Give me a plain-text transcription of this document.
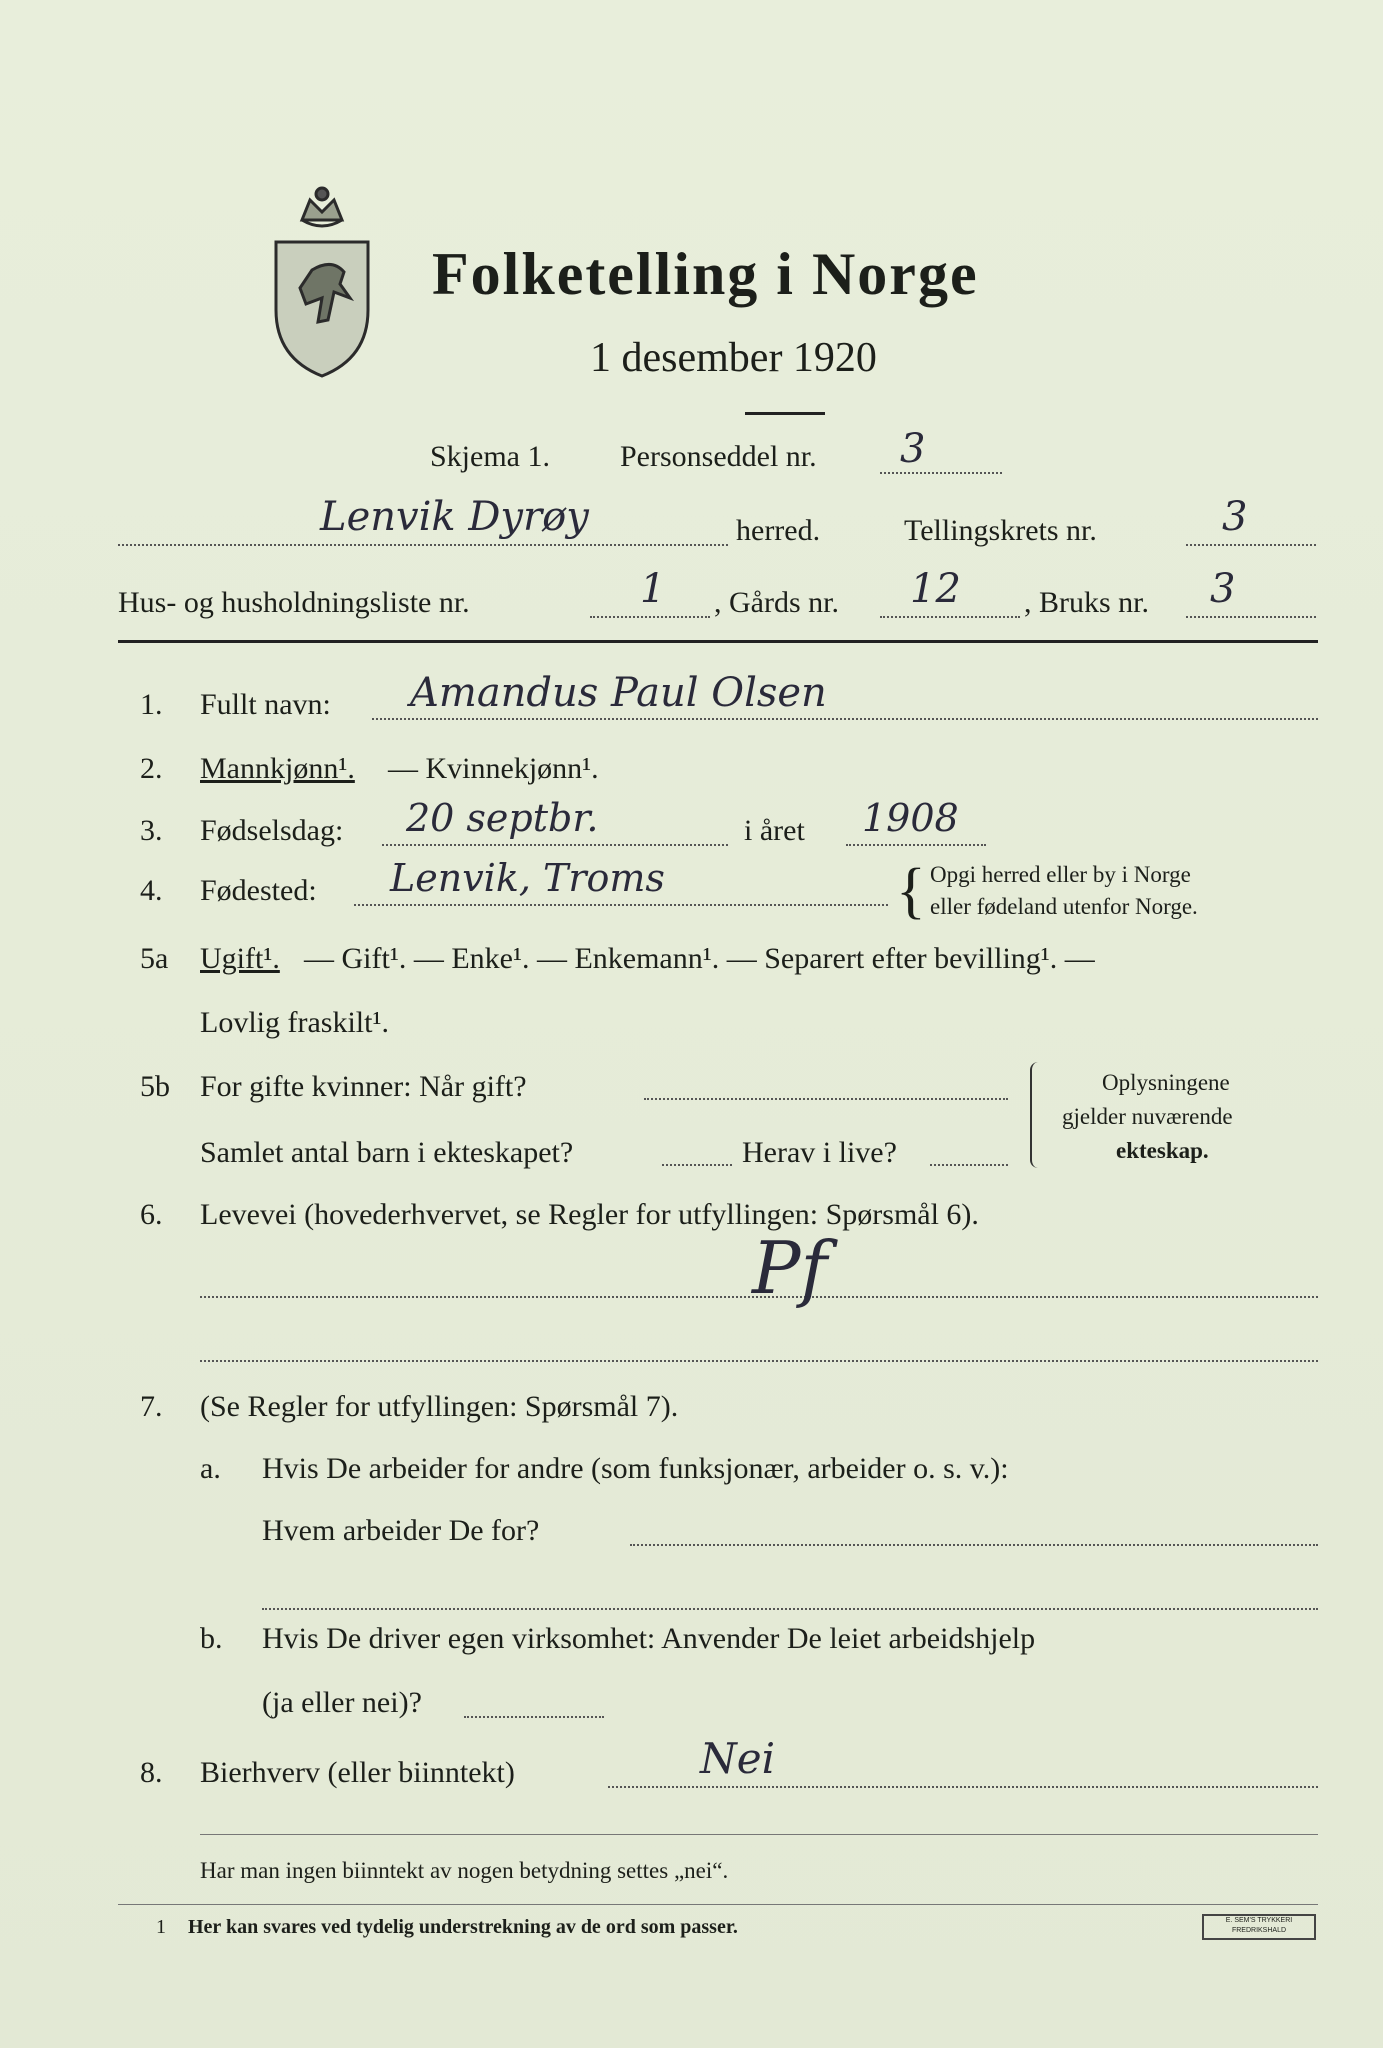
Folketelling i Norge
1 desember 1920
Skjema 1. Personseddel nr. 3
Lenvik Dyrøy	herred.	Tellingskrets nr.	3
Hus- og husholdningsliste nr.	1 , Gårds nr. 12 , Bruks nr. 3
1. Fullt navn: Amandus Paul Olsen
2. Mannkjønn¹. — Kvinnekjønn¹.
3. Fødselsdag: 20 septbr.	i året 1908
4. Fødested: Lenvik, Troms	{ Opgi herred eller by i Norge
eller fødeland utenfor Norge.
5a Ugift¹. — Gift¹. — Enke¹. — Enkemann¹. — Separert efter bevilling¹. —
Lovlig fraskilt¹.
5b For gifte kvinner: Når gift?
Samlet antal barn i ekteskapet?	Herav i live?
Oplysningene
gjelder nuværende
ekteskap.
6. Levevei (hovederhvervet, se Regler for utfyllingen: Spørsmål 6).
Pf
7. (Se Regler for utfyllingen: Spørsmål 7).
a. Hvis De arbeider for andre (som funksjonær, arbeider o. s. v.):
Hvem arbeider De for?
b. Hvis De driver egen virksomhet: Anvender De leiet arbeidshjelp
(ja eller nei)?
8. Bierhverv (eller biinntekt)	Nei
Har man ingen biinntekt av nogen betydning settes „nei“.
1 Her kan svares ved tydelig understrekning av de ord som passer.	E. SEM'S TRYKKERI FREDRIKSHALD
